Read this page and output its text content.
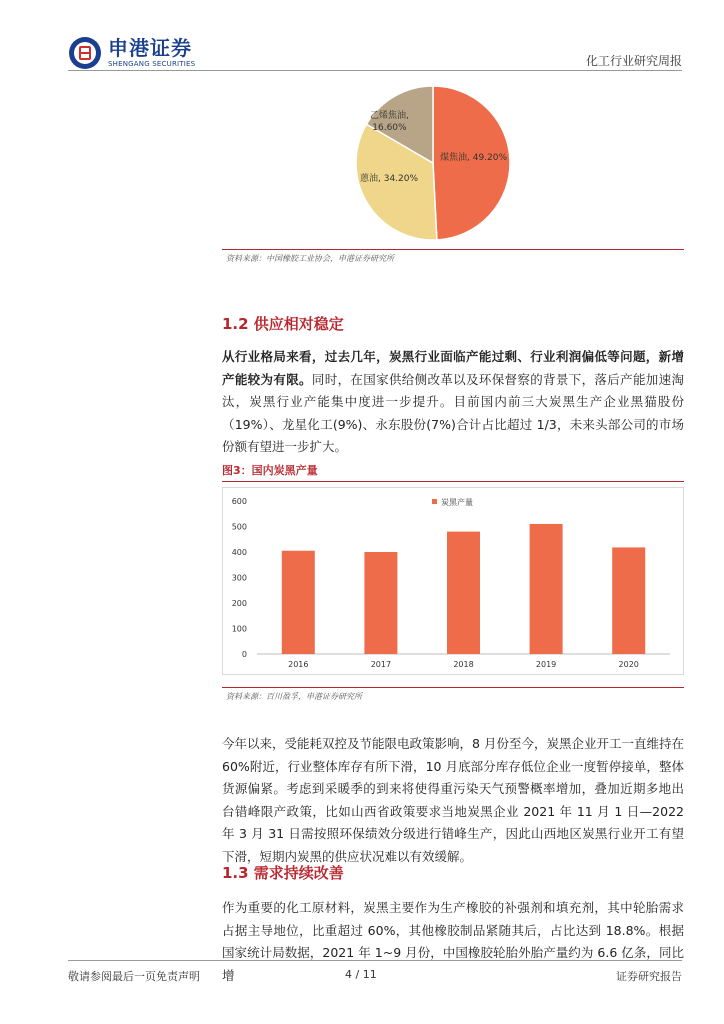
申港证券
SHENGANG SECURITIES	化工行业研究周报
煤焦油, 49.20%
蒽油, 34.20%
乙烯焦油,
16.60%
资料来源：中国橡胶工业协会，申港证券研究所
1.2 供应相对稳定
从行业格局来看，过去几年，炭黑行业面临产能过剩、行业利润偏低等问题，新增产能较为有限。同时，在国家供给侧改革以及环保督察的背景下，落后产能加速淘汰，炭黑行业产能集中度进一步提升。目前国内前三大炭黑生产企业黑猫股份（19%）、龙星化工(9%)、永东股份(7%)合计占比超过 1/3，未来头部公司的市场份额有望进一步扩大。
图3：国内炭黑产量
0
100
200
300
400
500
600
2016	2017	2018	2019	2020
炭黑产量
资料来源：百川盈孚，申港证券研究所
今年以来，受能耗双控及节能限电政策影响，8 月份至今，炭黑企业开工一直维持在 60%附近，行业整体库存有所下滑，10 月底部分库存低位企业一度暂停接单，整体货源偏紧。考虑到采暖季的到来将使得重污染天气预警概率增加，叠加近期多地出台错峰限产政策，比如山西省政策要求当地炭黑企业 2021 年 11 月 1 日—2022 年 3 月 31 日需按照环保绩效分级进行错峰生产，因此山西地区炭黑行业开工有望下滑，短期内炭黑的供应状况难以有效缓解。
1.3 需求持续改善
作为重要的化工原材料，炭黑主要作为生产橡胶的补强剂和填充剂，其中轮胎需求占据主导地位，比重超过 60%，其他橡胶制品紧随其后，占比达到 18.8%。根据国家统计局数据，2021 年 1~9 月份，中国橡胶轮胎外胎产量约为 6.6 亿条，同比增
敬请参阅最后一页免责声明	4 / 11	证券研究报告
